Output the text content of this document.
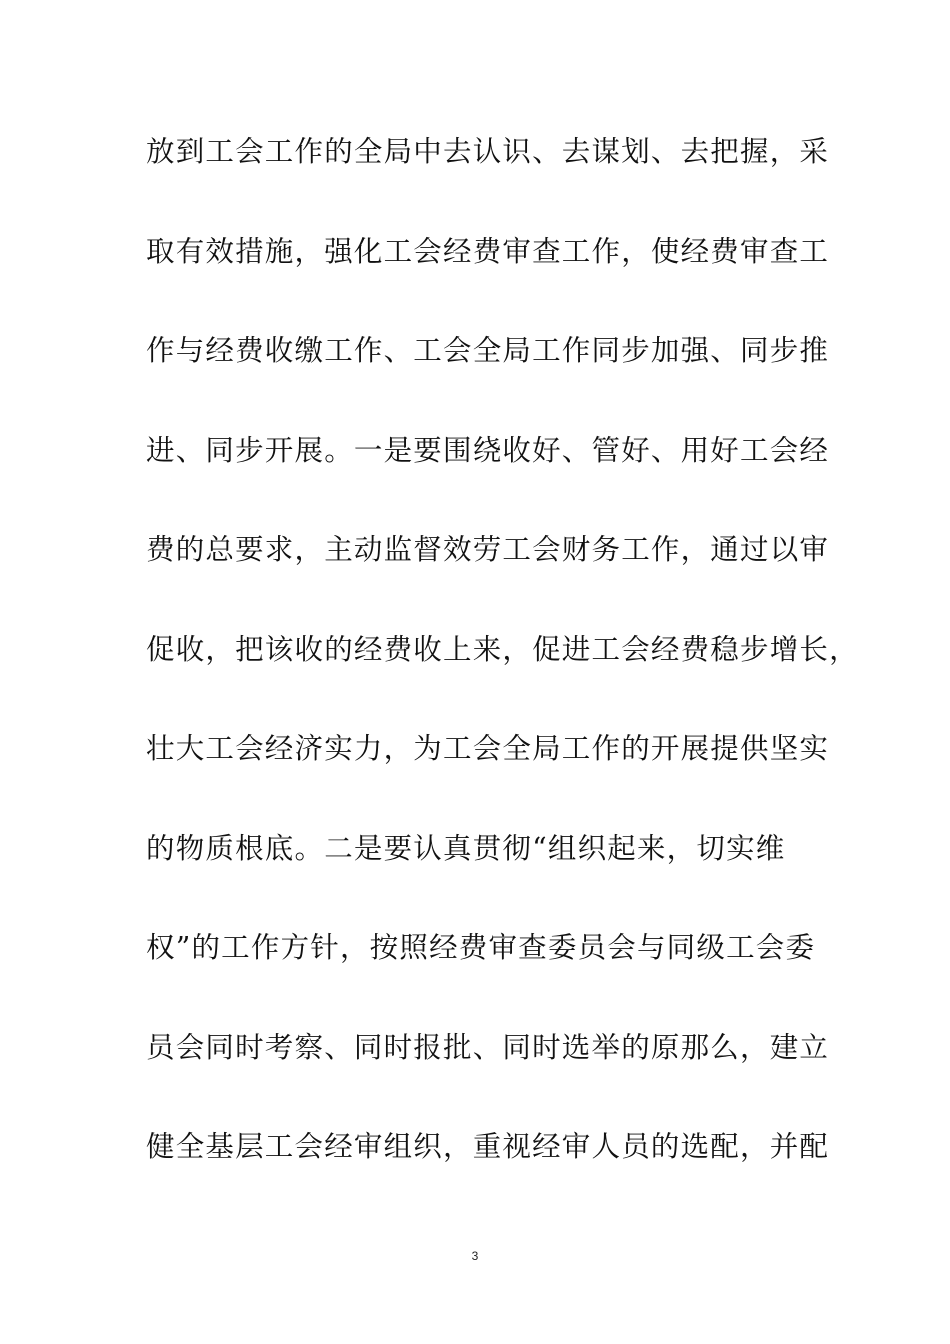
放到工会工作的全局中去认识、去谋划、去把握，采
取有效措施，强化工会经费审查工作，使经费审查工
作与经费收缴工作、工会全局工作同步加强、同步推
进、同步开展。一是要围绕收好、管好、用好工会经
费的总要求，主动监督效劳工会财务工作，通过以审
促收，把该收的经费收上来，促进工会经费稳步增长，
壮大工会经济实力，为工会全局工作的开展提供坚实
的物质根底。二是要认真贯彻“组织起来，切实维
权”的工作方针，按照经费审查委员会与同级工会委
员会同时考察、同时报批、同时选举的原那么，建立
健全基层工会经审组织，重视经审人员的选配，并配
3
